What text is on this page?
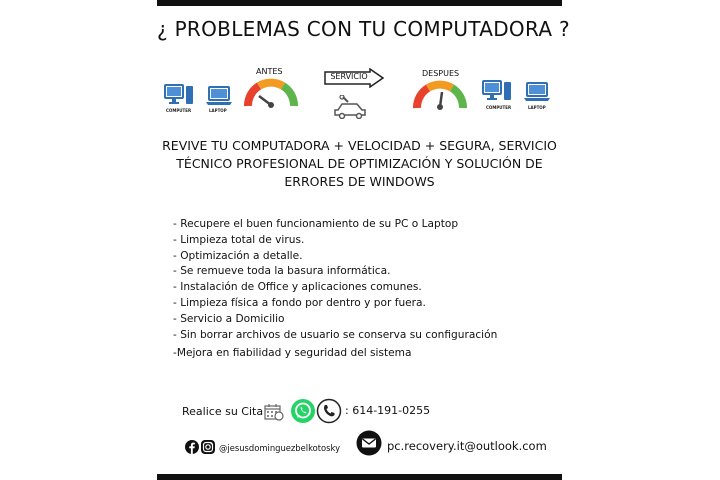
¿ PROBLEMAS CON TU COMPUTADORA ?
COMPUTER	LAPTOP
ANTES
SERVICIO	DESPUES
COMPUTER	LAPTOP
REVIVE TU COMPUTADORA + VELOCIDAD + SEGURA, SERVICIO
TÉCNICO PROFESIONAL DE OPTIMIZACIÓN Y SOLUCIÓN DE
ERRORES DE WINDOWS
- Recupere el buen funcionamiento de su PC o Laptop
- Limpieza total de virus.
- Optimización a detalle.
- Se remueve toda la basura informática.
- Instalación de Office y aplicaciones comunes.
- Limpieza física a fondo por dentro y por fuera.
- Servicio a Domicilio
- Sin borrar archivos de usuario se conserva su configuración
-Mejora en fiabilidad y seguridad del sistema
Realice su Cita	: 614-191-0255
@jesusdominguezbelkotosky	pc.recovery.it@outlook.com
